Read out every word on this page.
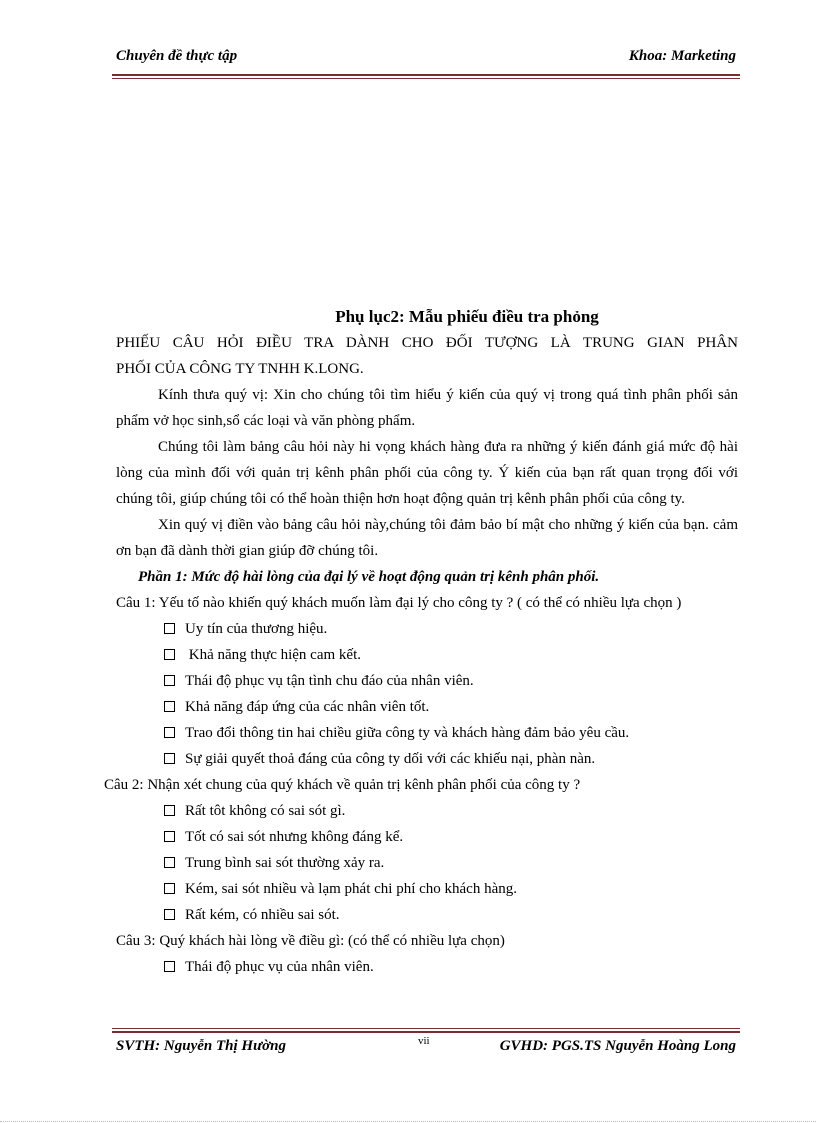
Chuyên đề thực tập	Khoa: Marketing

Phụ lục2: Mẫu phiếu điều tra phỏng

PHIẾU CÂU HỎI ĐIỀU TRA DÀNH CHO ĐỐI TƯỢNG LÀ TRUNG GIAN PHÂN

PHỐI CỦA CÔNG TY TNHH K.LONG.

Kính thưa quý vị: Xin cho chúng tôi tìm hiểu ý kiến của quý vị trong quá tình phân phối sản phẩm vở học sinh,sổ các loại và văn phòng phẩm.

Chúng tôi làm bảng câu hỏi này hi vọng khách hàng đưa ra những ý kiến đánh giá mức độ hài lòng của mình đối với quản trị kênh phân phối của công ty. Ý kiến của bạn rất quan trọng đối với chúng tôi, giúp chúng tôi có thể hoàn thiện hơn hoạt động quản trị kênh phân phối của công ty.

Xin quý vị điền vào bảng câu hỏi này,chúng tôi đảm bảo bí mật cho những ý kiến của bạn. cảm ơn bạn đã dành thời gian giúp đỡ chúng tôi.

Phần 1: Mức độ hài lòng của đại lý về hoạt động quản trị kênh phân phối.

Câu 1: Yếu tố nào khiến quý khách muốn làm đại lý cho công ty ? ( có thể có nhiều lựa chọn )

Uy tín của thương hiệu.
Khả năng thực hiện cam kết.
Thái độ phục vụ tận tình chu đáo của nhân viên.
Khả năng đáp ứng của các nhân viên tốt.
Trao đổi thông tin hai chiều giữa công ty và khách hàng đảm bảo yêu cầu.
Sự giải quyết thoả đáng của công ty dối với các khiếu nại, phàn nàn.

Câu 2: Nhận xét chung của quý khách về quản trị kênh phân phối của công ty ?

Rất tôt không có sai sót gì.
Tốt có sai sót nhưng không đáng kể.
Trung bình sai sót thường xảy ra.
Kém, sai sót nhiều và lạm phát chi phí cho khách hàng.
Rất kém, có nhiều sai sót.

Câu 3: Quý khách hài lòng về điều gì: (có thể có nhiều lựa chọn)

Thái độ phục vụ của nhân viên.
SVTH: Nguyễn Thị Hường	vii	GVHD: PGS.TS Nguyễn Hoàng Long
